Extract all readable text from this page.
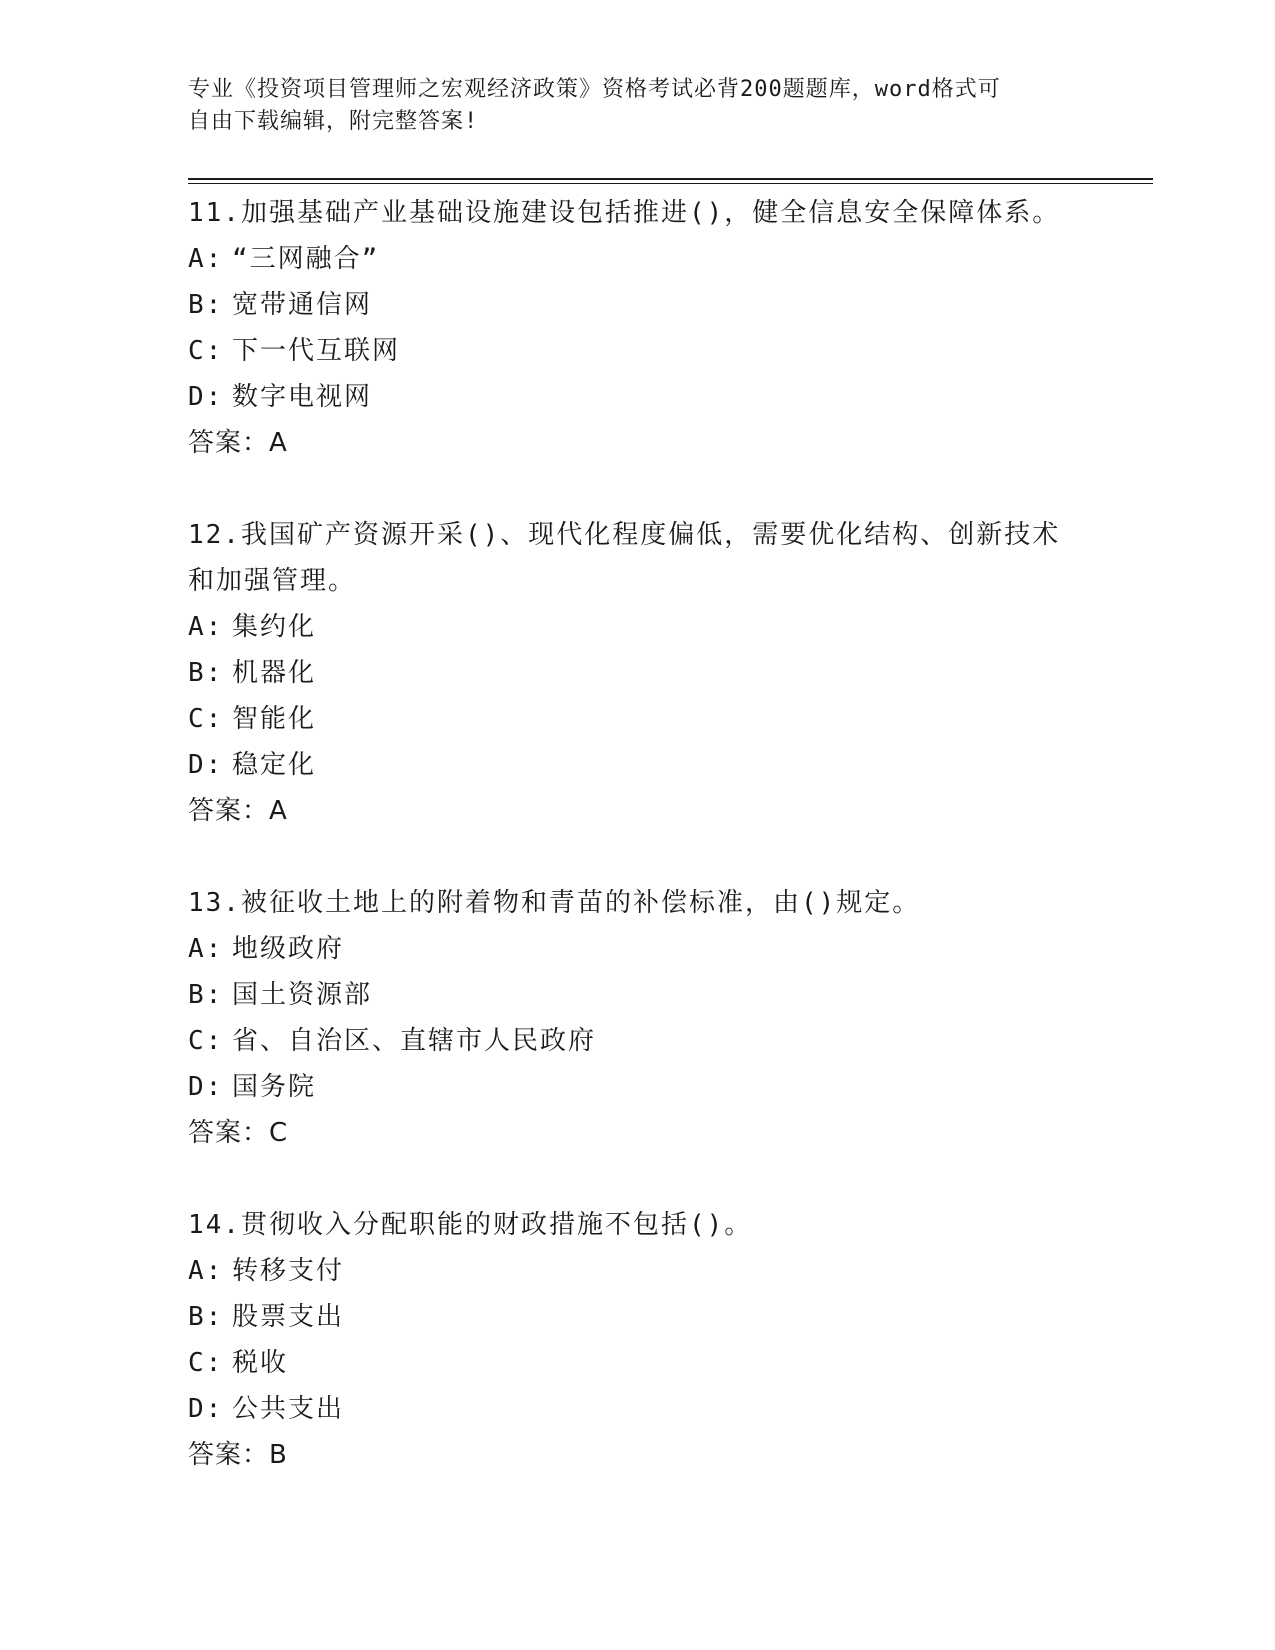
专业《投资项目管理师之宏观经济政策》资格考试必背200题题库，word格式可
自由下载编辑，附完整答案!
11.加强基础产业基础设施建设包括推进()，健全信息安全保障体系。
A: “三网融合”
B: 宽带通信网
C: 下一代互联网
D: 数字电视网
答案：A
12.我国矿产资源开采()、现代化程度偏低，需要优化结构、创新技术
和加强管理。
A: 集约化
B: 机器化
C: 智能化
D: 稳定化
答案：A
13.被征收土地上的附着物和青苗的补偿标准，由()规定。
A: 地级政府
B: 国土资源部
C: 省、自治区、直辖市人民政府
D: 国务院
答案：C
14.贯彻收入分配职能的财政措施不包括()。
A: 转移支付
B: 股票支出
C: 税收
D: 公共支出
答案：B
